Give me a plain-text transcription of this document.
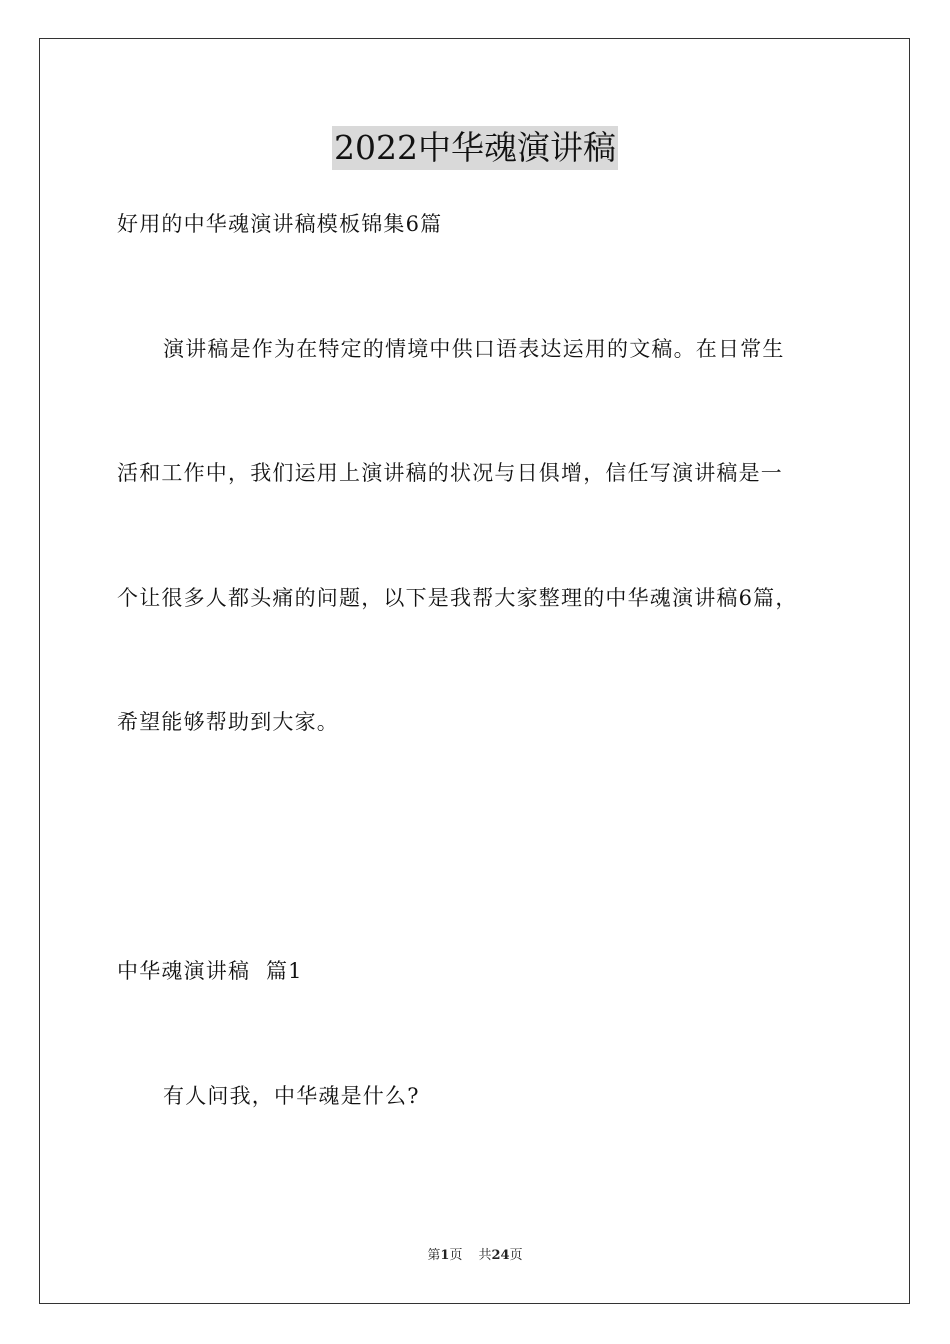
2022中华魂演讲稿
好用的中华魂演讲稿模板锦集6篇
演讲稿是作为在特定的情境中供口语表达运用的文稿。在日常生
活和工作中，我们运用上演讲稿的状况与日俱增，信任写演讲稿是一
个让很多人都头痛的问题，以下是我帮大家整理的中华魂演讲稿6篇，
希望能够帮助到大家。
中华魂演讲稿  篇1
有人问我，中华魂是什么?
第1页 共24页
